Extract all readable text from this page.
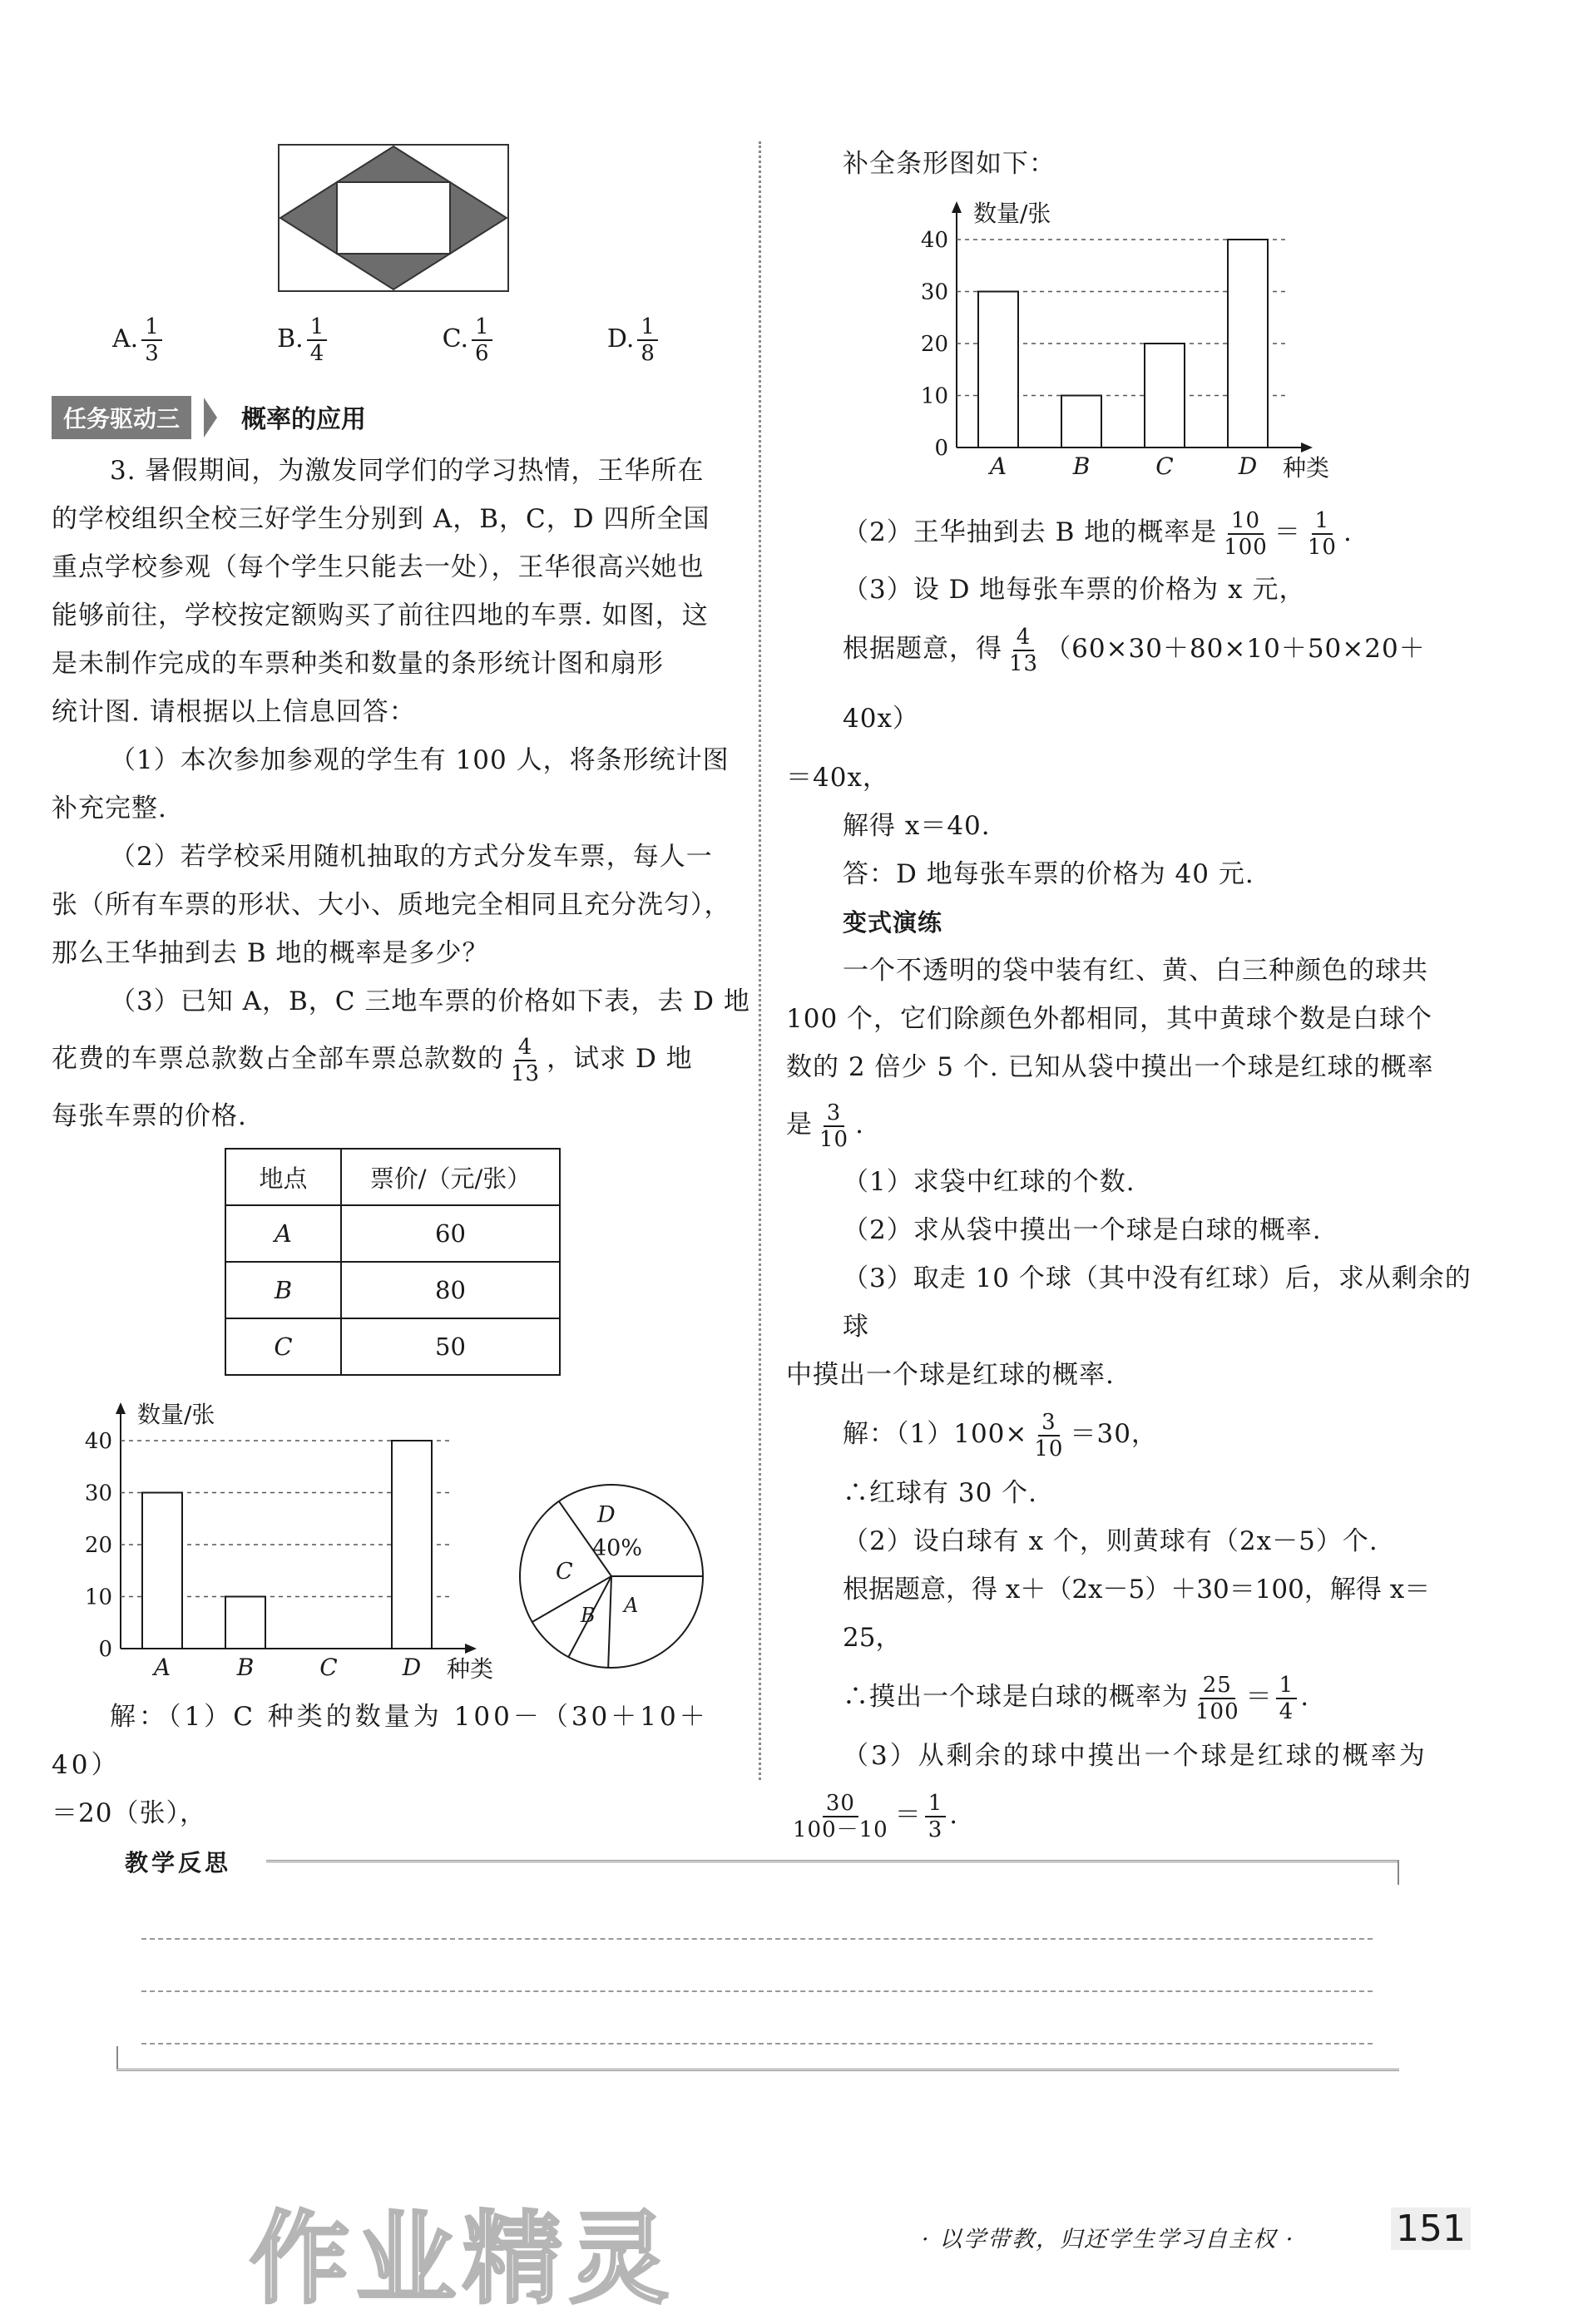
A. $\frac{1}{3}$	B. $\frac{1}{4}$	C. $\frac{1}{6}$	D. $\frac{1}{8}$
任务驱动三	概率的应用
3. 暑假期间，为激发同学们的学习热情，王华所在
的学校组织全校三好学生分别到 A，B，C，D 四所全国
重点学校参观（每个学生只能去一处），王华很高兴她也
能够前往，学校按定额购买了前往四地的车票. 如图，这
是未制作完成的车票种类和数量的条形统计图和扇形
统计图. 请根据以上信息回答：
（1）本次参加参观的学生有 100 人，将条形统计图
补充完整.
（2）若学校采用随机抽取的方式分发车票，每人一
张（所有车票的形状、大小、质地完全相同且充分洗匀），
那么王华抽到去 B 地的概率是多少？
（3）已知 A，B，C 三地车票的价格如下表，去 D 地
花费的车票总款数占全部车票总款数的 $\frac{4}{13}$ ，试求 D 地
每张车票的价格.
地点	票价/（元/张）
A	60
B	80
C	50
数量/张
0
10
20
30
40
A	B	C	D 种类
D
40%
C
B A
解：（1）C 种类的数量为 100－（30＋10＋40）
＝20（张），
补全条形图如下：
数量/张
0
10
20
30
40
A	B	C	D 种类
（2）王华抽到去 B 地的概率是 $\frac{10}{100} = \frac{1}{10}$ .
（3）设 D 地每张车票的价格为 x 元，
根据题意，得 $\frac{4}{13} (60\times 30+80\times 10+50\times 20+40x)$
＝40x，
解得 x＝40.
答：D 地每张车票的价格为 40 元.
变式演练
一个不透明的袋中装有红、黄、白三种颜色的球共
100 个，它们除颜色外都相同，其中黄球个数是白球个
数的 2 倍少 5 个. 已知从袋中摸出一个球是红球的概率
是 $\frac{3}{10}$ .
（1）求袋中红球的个数.
（2）求从袋中摸出一个球是白球的概率.
（3）取走 10 个球（其中没有红球）后，求从剩余的球
中摸出一个球是红球的概率.
解：$(1)100\times \frac{3}{10} =30$，
∴红球有 30 个.
（2）设白球有 x 个，则黄球有（2x－5）个.
根据题意，得 x＋（2x－5）＋30＝100，解得 x＝25，
∴摸出一个球是白球的概率为 $\frac{25}{100} = \frac{1}{4}$ .
（3）从剩余的球中摸出一个球是红球的概率为
$\frac{30}{100-10} = \frac{1}{3}$ .
教学反思
作业精灵	· 以学带教，归还学生学习自主权 ·	151
